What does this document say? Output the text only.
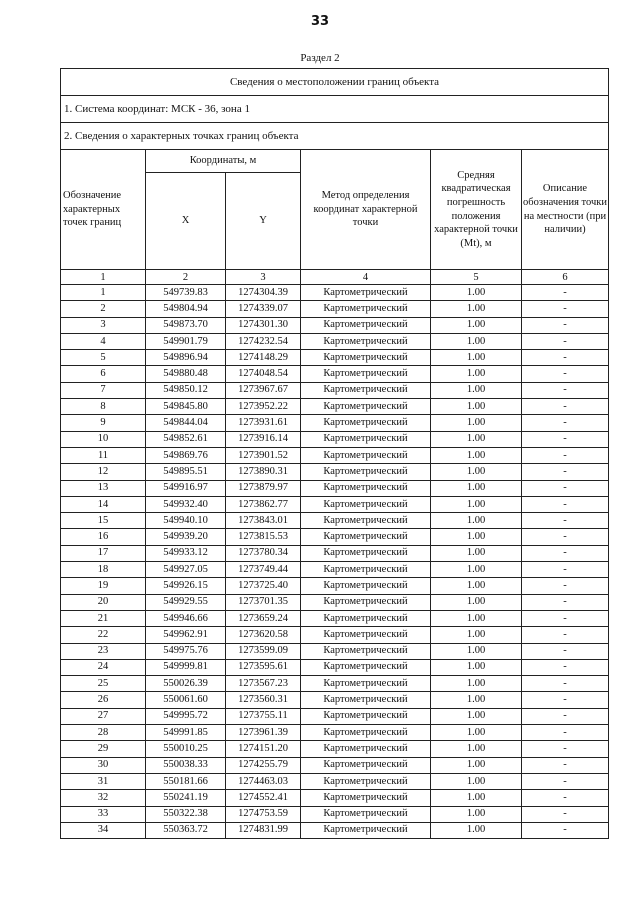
33
Раздел 2
Сведения о местоположении границ объекта					
1. Система координат: МСК - 36, зона 1					
2. Сведения о характерных точках границ объекта					
Обозначение характерных точек границ	Координаты, м		Метод определения координат характерной точки	Средняя квадратическая погрешность положения характерной точки (Mt), м	Описание обозначения точки на местности (при наличии)
	X	Y			
1	2	3	4	5	6
1	549739.83	1274304.39	Картометрический	1.00	-
2	549804.94	1274339.07	Картометрический	1.00	-
3	549873.70	1274301.30	Картометрический	1.00	-
4	549901.79	1274232.54	Картометрический	1.00	-
5	549896.94	1274148.29	Картометрический	1.00	-
6	549880.48	1274048.54	Картометрический	1.00	-
7	549850.12	1273967.67	Картометрический	1.00	-
8	549845.80	1273952.22	Картометрический	1.00	-
9	549844.04	1273931.61	Картометрический	1.00	-
10	549852.61	1273916.14	Картометрический	1.00	-
11	549869.76	1273901.52	Картометрический	1.00	-
12	549895.51	1273890.31	Картометрический	1.00	-
13	549916.97	1273879.97	Картометрический	1.00	-
14	549932.40	1273862.77	Картометрический	1.00	-
15	549940.10	1273843.01	Картометрический	1.00	-
16	549939.20	1273815.53	Картометрический	1.00	-
17	549933.12	1273780.34	Картометрический	1.00	-
18	549927.05	1273749.44	Картометрический	1.00	-
19	549926.15	1273725.40	Картометрический	1.00	-
20	549929.55	1273701.35	Картометрический	1.00	-
21	549946.66	1273659.24	Картометрический	1.00	-
22	549962.91	1273620.58	Картометрический	1.00	-
23	549975.76	1273599.09	Картометрический	1.00	-
24	549999.81	1273595.61	Картометрический	1.00	-
25	550026.39	1273567.23	Картометрический	1.00	-
26	550061.60	1273560.31	Картометрический	1.00	-
27	549995.72	1273755.11	Картометрический	1.00	-
28	549991.85	1273961.39	Картометрический	1.00	-
29	550010.25	1274151.20	Картометрический	1.00	-
30	550038.33	1274255.79	Картометрический	1.00	-
31	550181.66	1274463.03	Картометрический	1.00	-
32	550241.19	1274552.41	Картометрический	1.00	-
33	550322.38	1274753.59	Картометрический	1.00	-
34	550363.72	1274831.99	Картометрический	1.00	-
